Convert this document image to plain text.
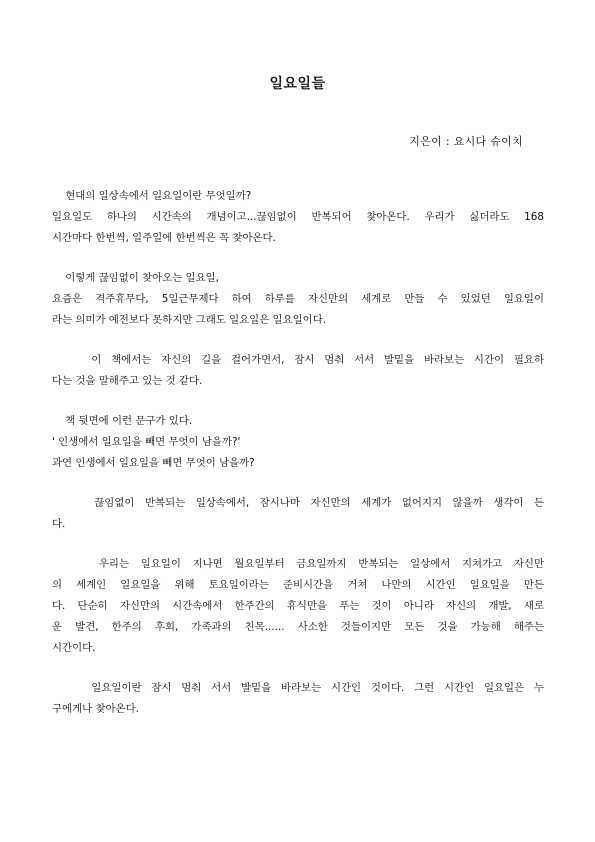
일요일들
지은이 : 요시다 슈이치

현대의 일상속에서 일요일이란 무엇일까?
일요일도 하나의 시간속의 개념이고...끊임없이 반복되어 찾아온다. 우리가 싫더라도 168
시간마다 한번씩, 일주일에 한번씩은 꼭 찾아온다.

이렇게 끊임없이 찾아오는 일요일,
요즘은 격주휴무다, 5일근무제다 하여 하루를 자신만의 세계로 만들 수 있었던 일요일이
라는 의미가 예전보다 못하지만 그래도 일요일은 일요일이다.

이 책에서는 자신의 길을 걸어가면서, 잠시 멈춰 서서 발밑을 바라보는 시간이 필요하
다는 것을 말해주고 있는 것 같다.

책 뒷면에 이런 문구가 있다.
' 인생에서 일요일을 빼면 무엇이 남을까?'
과연 인생에서 일요일을 빼면 무엇이 남을까?

끊임없이 반복되는 일상속에서, 잠시나마 자신만의 세계가 없어지지 않을까 생각이 든
다.

우리는 일요일이 지나면 월요일부터 금요일까지 반복되는 일상에서 지쳐가고 자신만
의 세계인 일요일을 위해 토요일이라는 준비시간을 거쳐 나만의 시간인 일요일을 만든
다. 단순히 자신만의 시간속에서 한주간의 휴식만을 푸는 것이 아니라 자신의 개발, 새로
운 발견, 한주의 후회, 가족과의 친목...... 사소한 것들이지만 모든 것을 가능해 해주는
시간이다.

일요일이란 잠시 멈춰 서서 발밑을 바라보는 시간인 것이다. 그런 시간인 일요일은 누
구에게나 찾아온다.
